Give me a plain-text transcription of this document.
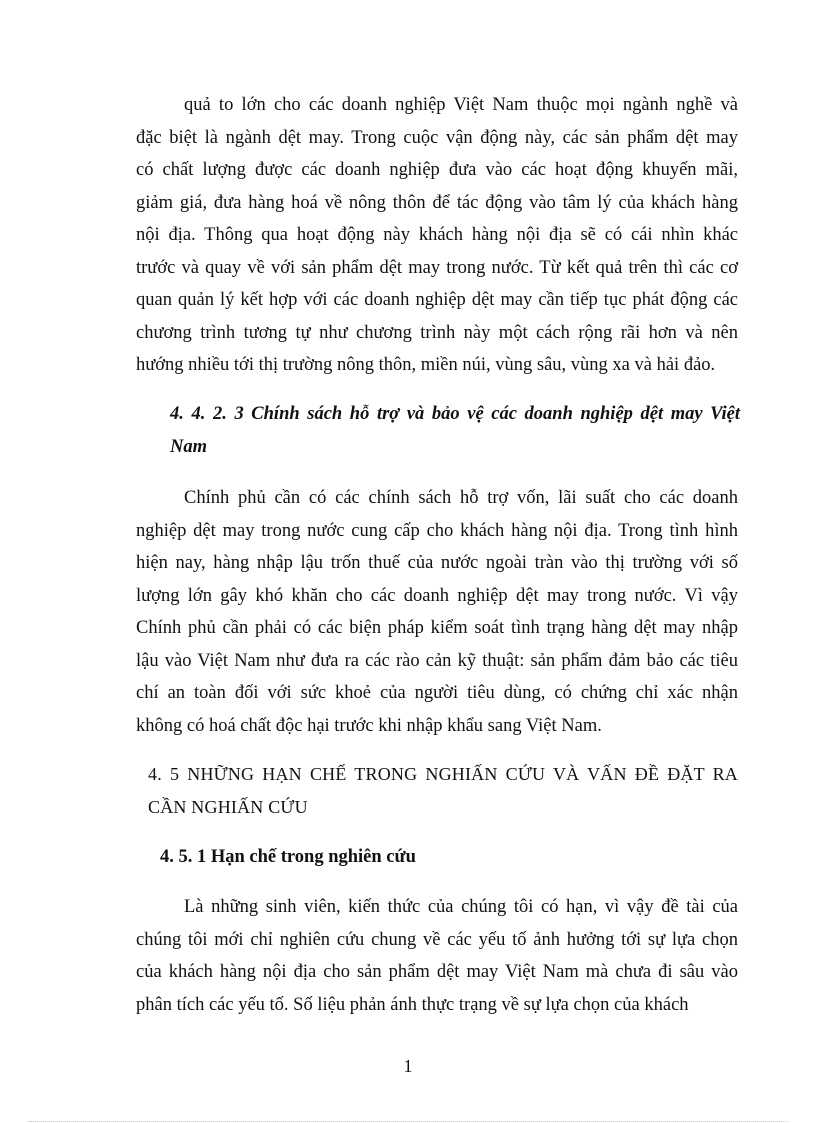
quả to lớn cho các doanh nghiệp Việt Nam thuộc mọi ngành nghề và
đặc biệt là ngành dệt may. Trong cuộc vận động này, các sản phẩm dệt may
có chất lượng được các doanh nghiệp đưa vào các hoạt động khuyến mãi,
giảm giá, đưa hàng hoá về nông thôn để tác động vào tâm lý của khách hàng
nội địa. Thông qua hoạt động này khách hàng nội địa sẽ có cái nhìn khác
trước và quay về với sản phẩm dệt may trong nước. Từ kết quả trên thì các cơ
quan quản lý kết hợp với các doanh nghiệp dệt may cần tiếp tục phát động các
chương trình tương tự như chương trình này một cách rộng rãi hơn và nên
hướng nhiều tới thị trường nông thôn, miền núi, vùng sâu, vùng xa và hải đảo.
4. 4. 2. 3 Chính sách hỗ trợ và bảo vệ các doanh nghiệp dệt may Việt
Nam
Chính phủ cần có các chính sách hỗ trợ vốn, lãi suất cho các doanh
nghiệp dệt may trong nước cung cấp cho khách hàng nội địa. Trong tình hình
hiện nay, hàng nhập lậu trốn thuế của nước ngoài tràn vào thị trường với số
lượng lớn gây khó khăn cho các doanh nghiệp dệt may trong nước. Vì vậy
Chính phủ cần phải có các biện pháp kiểm soát tình trạng hàng dệt may nhập
lậu vào Việt Nam như đưa ra các rào cản kỹ thuật: sản phẩm đảm bảo các tiêu
chí an toàn đối với sức khoẻ của người tiêu dùng, có chứng chỉ xác nhận
không có hoá chất độc hại trước khi nhập khẩu sang Việt Nam.
4. 5 NHỮNG HẠN CHẾ TRONG NGHIẤN CỨU VÀ VẤN ĐỀ ĐẶT RA
CẦN NGHIẤN CỨU
4. 5. 1 Hạn chế trong nghiên cứu
Là những sinh viên, kiến thức của chúng tôi có hạn, vì vậy đề tài của
chúng tôi mới chỉ nghiên cứu chung về các yếu tố ảnh hưởng tới sự lựa chọn
của khách hàng nội địa cho sản phẩm dệt may Việt Nam mà chưa đi sâu vào
phân tích các yếu tố. Số liệu phản ánh thực trạng về sự lựa chọn của khách
1
